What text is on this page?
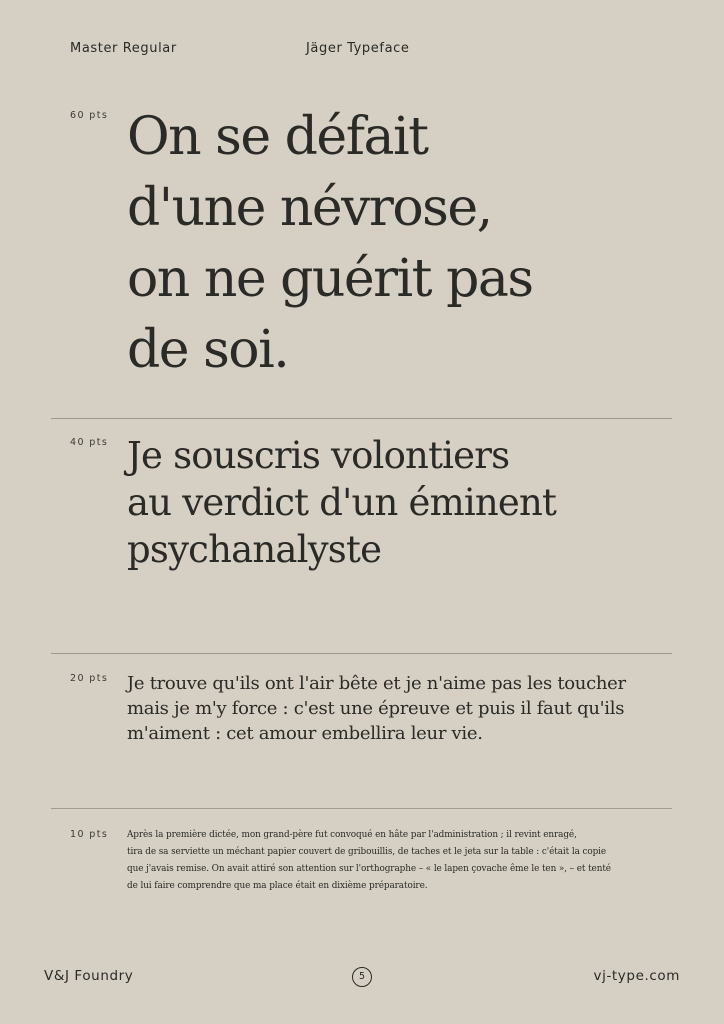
Master Regular	Jäger Typeface
60 pts On se défait
d'une névrose,
on ne guérit pas
de soi.
40 pts Je souscris volontiers
au verdict d'un éminent
psychanalyste
20 pts Je trouve qu'ils ont l'air bête et je n'aime pas les toucher
mais je m'y force : c'est une épreuve et puis il faut qu'ils
m'aiment : cet amour embellira leur vie.
10 pts Après la première dictée, mon grand-père fut convoqué en hâte par l'administration ; il revint enragé,
tira de sa serviette un méchant papier couvert de gribouillis, de taches et le jeta sur la table : c'était la copie
que j'avais remise. On avait attiré son attention sur l'orthographe – « le lapen çovache ême le ten », – et tenté
de lui faire comprendre que ma place était en dixième préparatoire.
V&J Foundry	5	vj-type.com
